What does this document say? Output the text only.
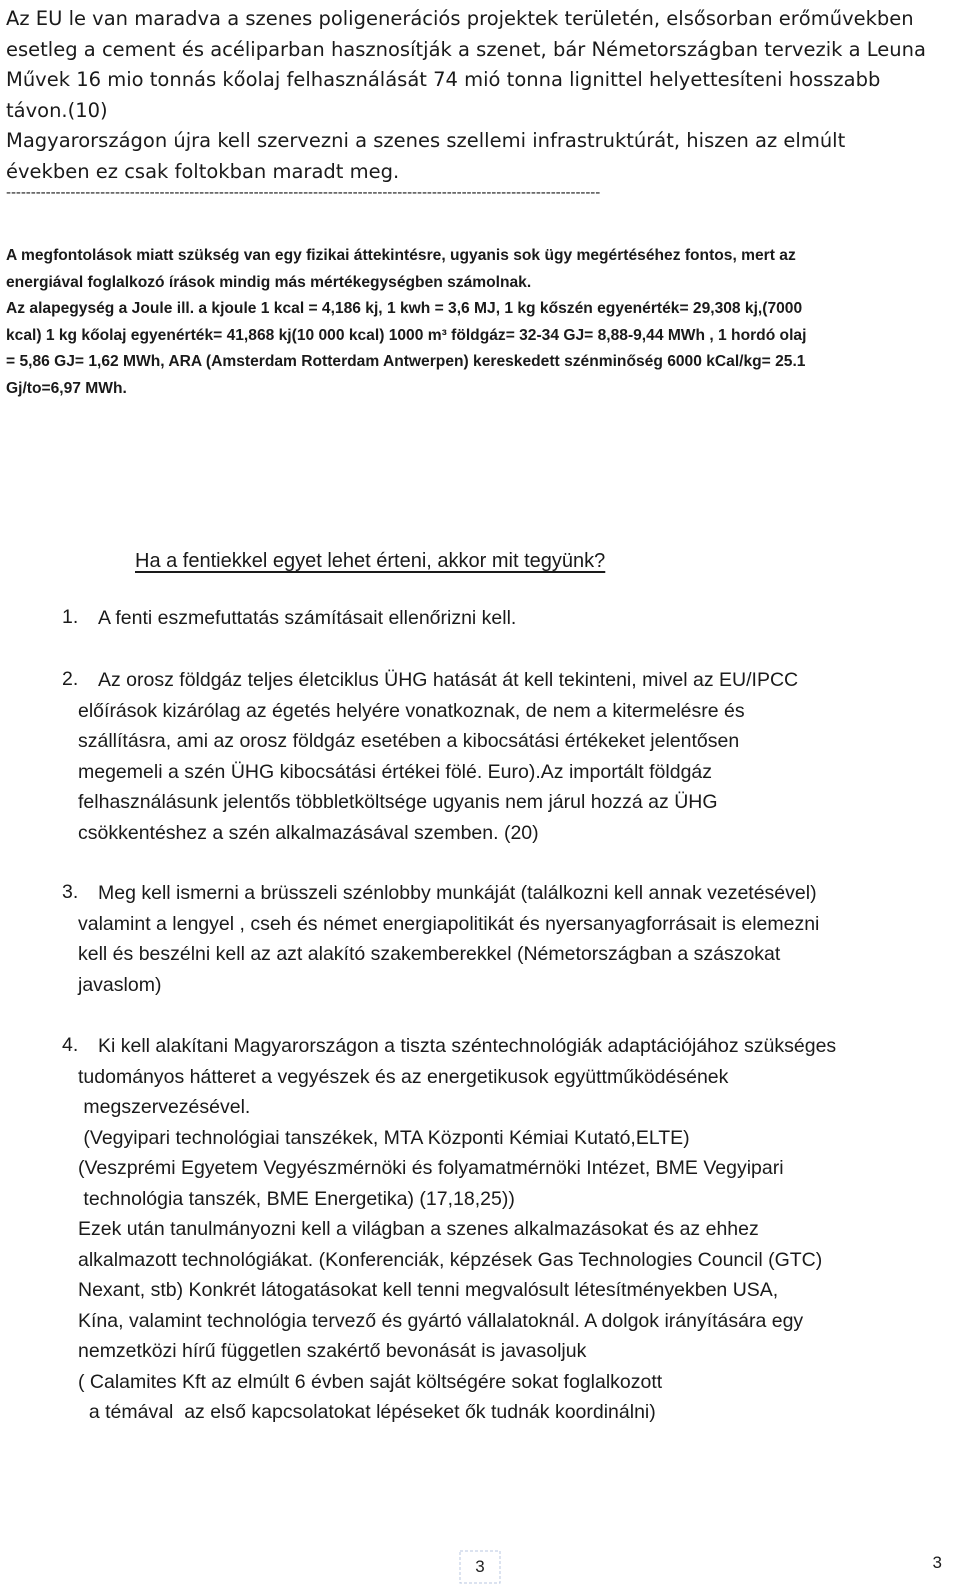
Az EU le van maradva a szenes poligenerációs projektek területén, elsősorban erőművekben
esetleg a cement és acéliparban hasznosítják a szenet, bár Németországban tervezik a Leuna
Művek 16 mio tonnás kőolaj felhasználását 74 mió tonna lignittel helyettesíteni hosszabb
távon.(10)
Magyarországon újra kell szervezni a szenes szellemi infrastruktúrát, hiszen az elmúlt
években ez csak foltokban maradt meg.
------------------------------------------------------------------------------------------------------------------------
A megfontolások miatt szükség van egy fizikai áttekintésre, ugyanis sok ügy megértéséhez fontos, mert az
energiával foglalkozó írások mindig más mértékegységben számolnak.
Az alapegység a Joule ill. a kjoule 1 kcal = 4,186 kj, 1 kwh = 3,6 MJ, 1 kg kőszén egyenérték= 29,308 kj,(7000
kcal) 1 kg kőolaj egyenérték= 41,868 kj(10 000 kcal) 1000 m³ földgáz= 32-34 GJ= 8,88-9,44 MWh , 1 hordó olaj
= 5,86 GJ= 1,62 MWh, ARA (Amsterdam Rotterdam Antwerpen) kereskedett szénminőség 6000 kCal/kg= 25.1
Gj/to=6,97 MWh.
Ha a fentiekkel egyet lehet érteni, akkor mit tegyünk?
1. A fenti eszmefuttatás számításait ellenőrizni kell.
2. Az orosz földgáz teljes életciklus ÜHG hatását át kell tekinteni, mivel az EU/IPCC
előírások kizárólag az égetés helyére vonatkoznak, de nem a kitermelésre és
szállításra, ami az orosz földgáz esetében a kibocsátási értékeket jelentősen
megemeli a szén ÜHG kibocsátási értékei fölé. Euro).Az importált földgáz
felhasználásunk jelentős többletköltsége ugyanis nem járul hozzá az ÜHG
csökkentéshez a szén alkalmazásával szemben. (20)
3. Meg kell ismerni a brüsszeli szénlobby munkáját (találkozni kell annak vezetésével)
valamint a lengyel , cseh és német energiapolitikát és nyersanyagforrásait is elemezni
kell és beszélni kell az azt alakító szakemberekkel (Németországban a szászokat
javaslom)
4. Ki kell alakítani Magyarországon a tiszta széntechnológiák adaptációjához szükséges
tudományos hátteret a vegyészek és az energetikusok együttműködésének
megszervezésével.
(Vegyipari technológiai tanszékek, MTA Központi Kémiai Kutató,ELTE)
(Veszprémi Egyetem Vegyészmérnöki és folyamatmérnöki Intézet, BME Vegyipari
technológia tanszék, BME Energetika) (17,18,25))
Ezek után tanulmányozni kell a világban a szenes alkalmazásokat és az ehhez
alkalmazott technológiákat. (Konferenciák, képzések Gas Technologies Council (GTC)
Nexant, stb) Konkrét látogatásokat kell tenni megvalósult létesítményekben USA,
Kína, valamint technológia tervező és gyártó vállalatoknál. A dolgok irányítására egy
nemzetközi hírű független szakértő bevonását is javasoljuk
( Calamites Kft az elmúlt 6 évben saját költségére sokat foglalkozott
a témával  az első kapcsolatokat lépéseket ők tudnák koordinálni)
3	3
